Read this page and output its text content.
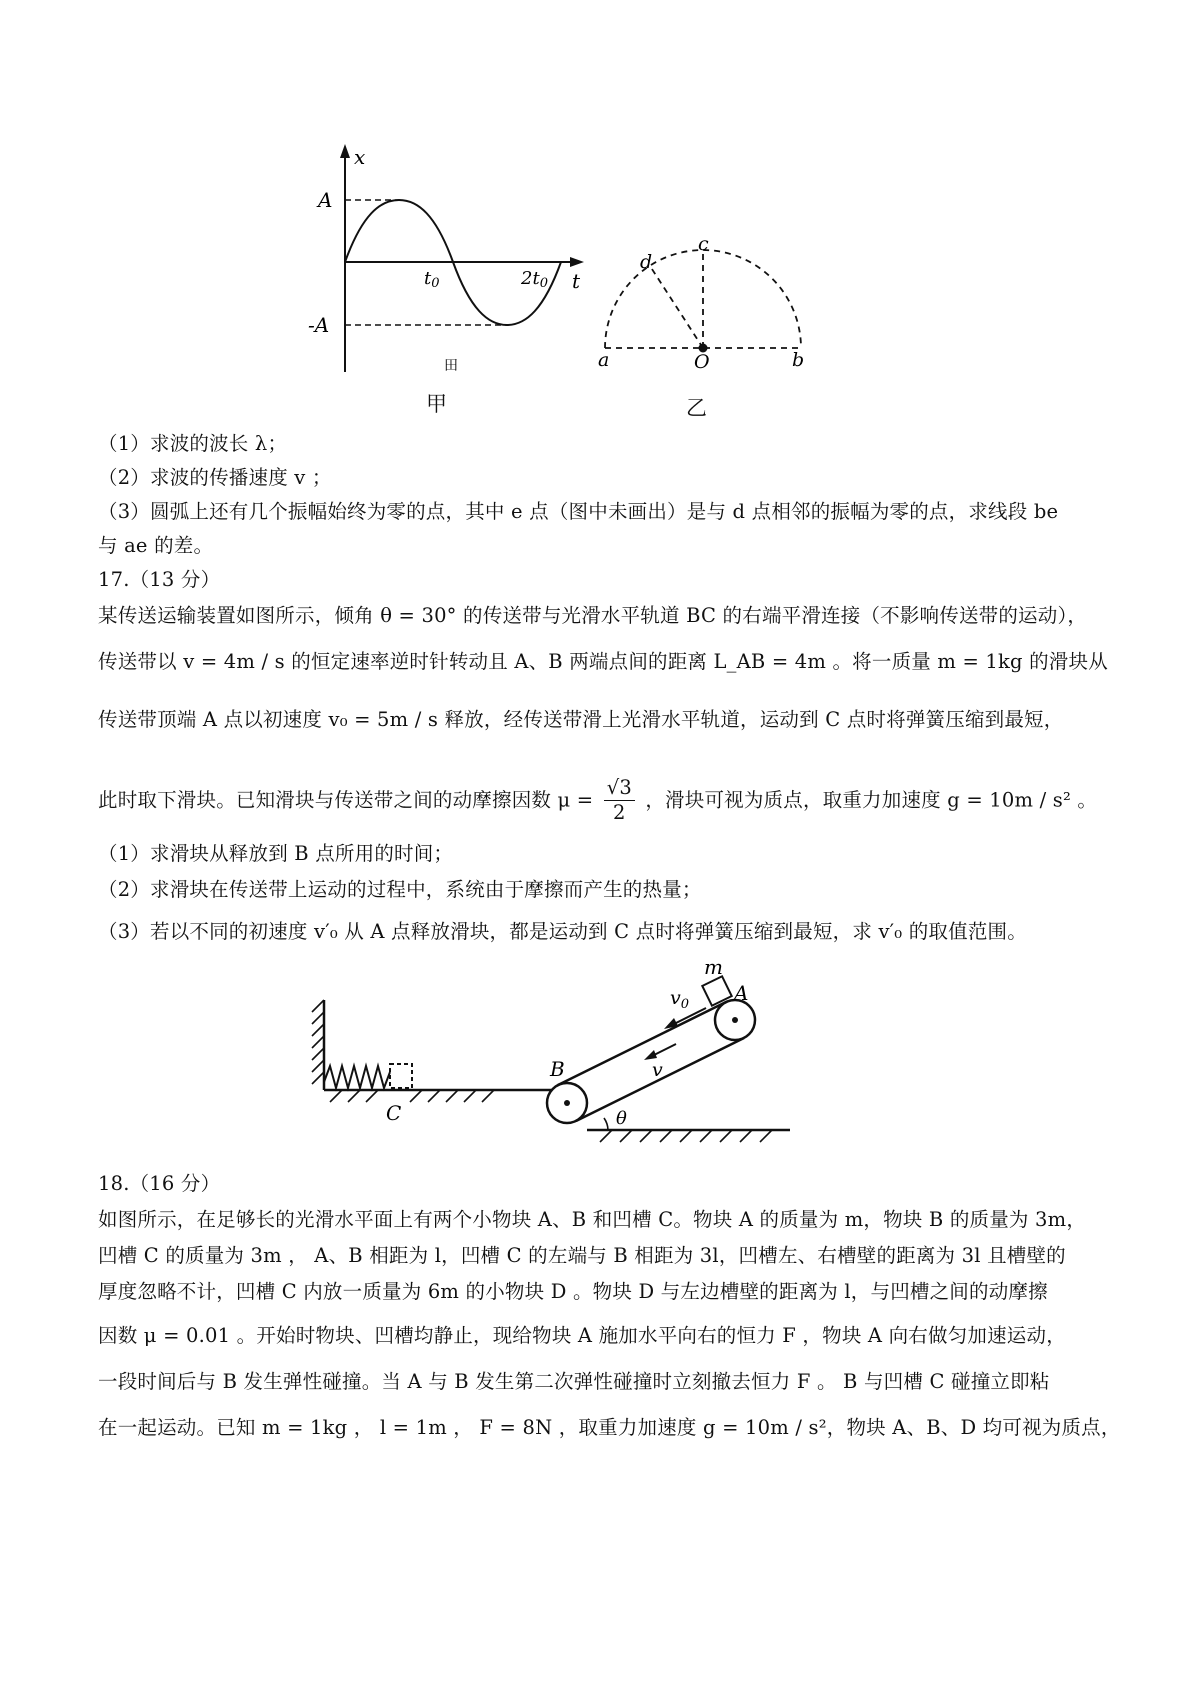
x
t
A
-A
t0	2t0
田
甲
a	b
c
d
O
乙
（1）求波的波长 λ；
（2）求波的传播速度 v ；
（3）圆弧上还有几个振幅始终为零的点，其中 e 点（图中未画出）是与 d 点相邻的振幅为零的点，求线段 be
与 ae 的差。
17.（13 分）
某传送运输装置如图所示，倾角 θ = 30° 的传送带与光滑水平轨道 BC 的右端平滑连接（不影响传送带的运动），
传送带以 v = 4m / s 的恒定速率逆时针转动且 A、B 两端点间的距离 L_AB = 4m 。将一质量 m = 1kg 的滑块从
传送带顶端 A 点以初速度 v₀ = 5m / s 释放，经传送带滑上光滑水平轨道，运动到 C 点时将弹簧压缩到最短，
此时取下滑块。已知滑块与传送带之间的动摩擦因数 $\mu = \frac{√3}{2}$ ，滑块可视为质点，取重力加速度 g = 10m / s² 。
（1）求滑块从释放到 B 点所用的时间；
（2）求滑块在传送带上运动的过程中，系统由于摩擦而产生的热量；
（3）若以不同的初速度 v′₀ 从 A 点释放滑块，都是运动到 C 点时将弹簧压缩到最短，求 v′₀ 的取值范围。
C	θ
m
A
B
$v_0$
v
18.（16 分）
如图所示，在足够长的光滑水平面上有两个小物块 A、B 和凹槽 C。物块 A 的质量为 m，物块 B 的质量为 3m，
凹槽 C 的质量为 3m ， A、B 相距为 l，凹槽 C 的左端与 B 相距为 3l，凹槽左、右槽壁的距离为 3l 且槽壁的
厚度忽略不计，凹槽 C 内放一质量为 6m 的小物块 D 。物块 D 与左边槽壁的距离为 l，与凹槽之间的动摩擦
因数 μ = 0.01 。开始时物块、凹槽均静止，现给物块 A 施加水平向右的恒力 F ，物块 A 向右做匀加速运动，
一段时间后与 B 发生弹性碰撞。当 A 与 B 发生第二次弹性碰撞时立刻撤去恒力 F 。 B 与凹槽 C 碰撞立即粘
在一起运动。已知 m = 1kg ， l = 1m ， F = 8N ，取重力加速度 g = 10m / s²，物块 A、B、D 均可视为质点，
